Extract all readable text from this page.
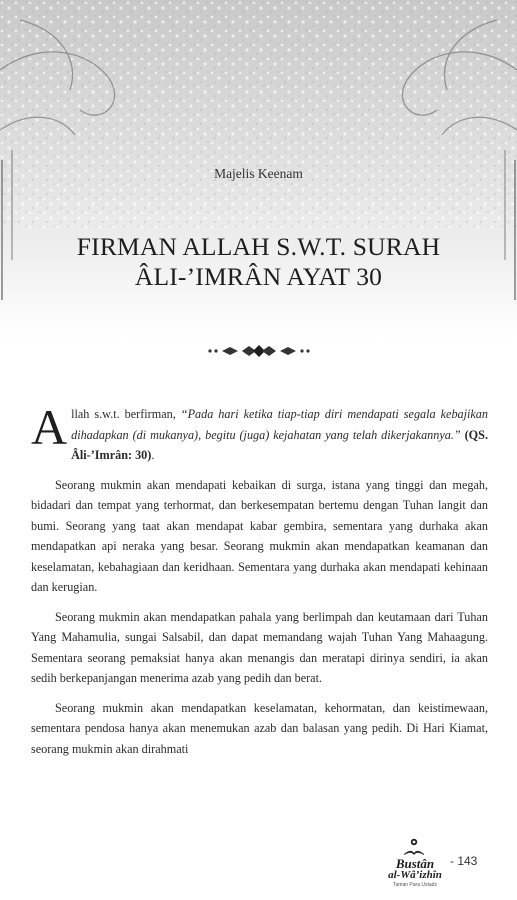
Majelis Keenam
FIRMAN ALLAH S.W.T. SURAH
ÂLI-’IMRÂN AYAT 30

Allah s.w.t. berfirman, “Pada hari ketika tiap-tiap diri mendapati segala kebajikan dihadapkan (di mukanya), begitu (juga) kejahatan yang telah dikerjakannya.” (QS. Âli-’Imrân: 30).

Seorang mukmin akan mendapati kebaikan di surga, istana yang tinggi dan megah, bidadari dan tempat yang terhormat, dan berkesempatan bertemu dengan Tuhan langit dan bumi. Seorang yang taat akan mendapat kabar gembira, sementara yang durhaka akan mendapatkan api neraka yang besar. Seorang mukmin akan mendapatkan keamanan dan keselamatan, kebahagiaan dan keridhaan. Sementara yang durhaka akan mendapati kehinaan dan kerugian.

Seorang mukmin akan mendapatkan pahala yang berlimpah dan keutamaan dari Tuhan Yang Mahamulia, sungai Salsabil, dan dapat memandang wajah Tuhan Yang Mahaagung. Sementara seorang pemaksiat hanya akan menangis dan meratapi dirinya sendiri, ia akan sedih berkepanjangan menerima azab yang pedih dan berat.

Seorang mukmin akan mendapatkan keselamatan, kehormatan, dan keistimewaan, sementara pendosa hanya akan menemukan azab dan balasan yang pedih. Di Hari Kiamat, seorang mukmin akan dirahmati

Bustân
al-Wâ’izhîn
Taman Para Ustadz
- 143
